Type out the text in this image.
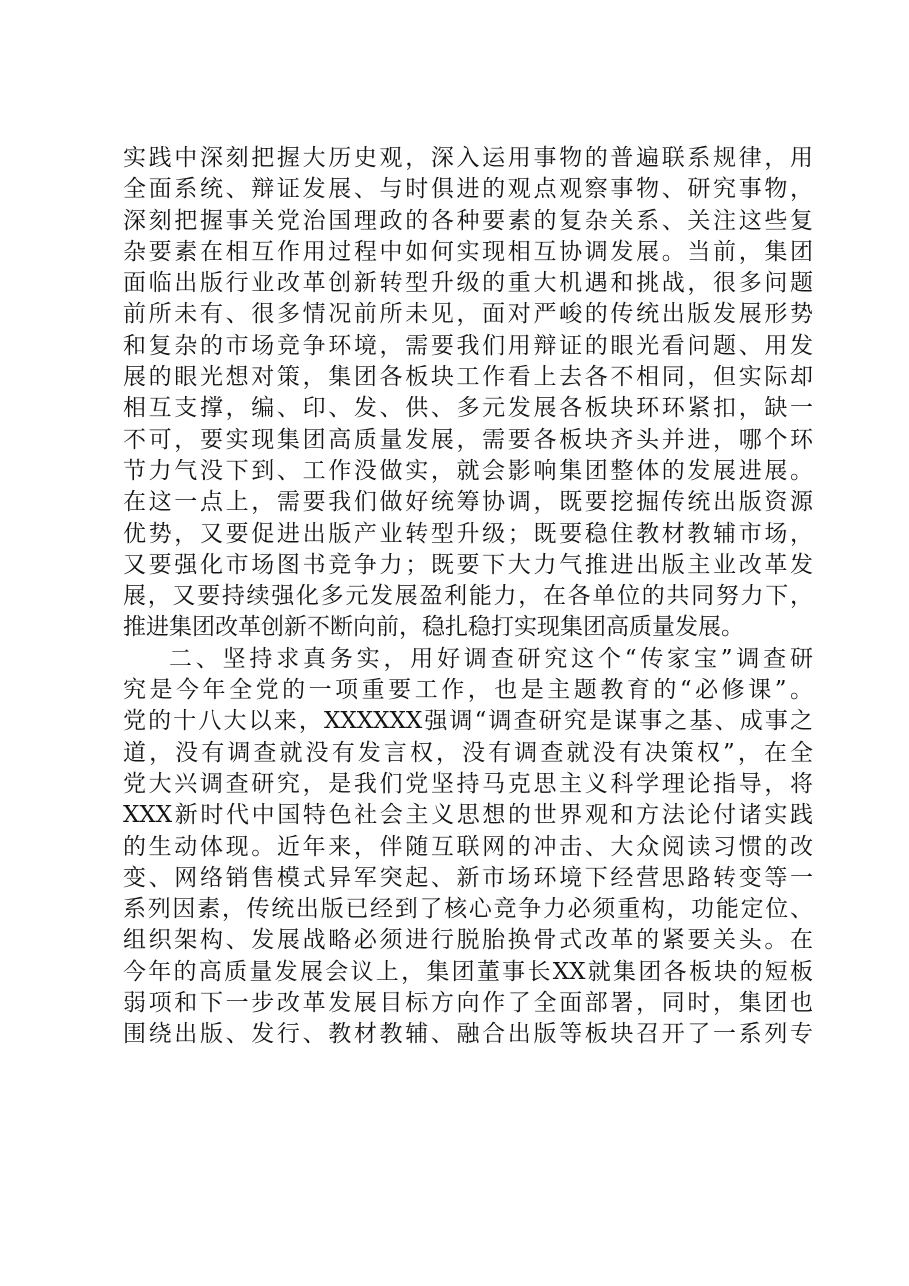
实践中深刻把握大历史观，深入运用事物的普遍联系规律，用
全面系统、辩证发展、与时俱进的观点观察事物、研究事物，
深刻把握事关党治国理政的各种要素的复杂关系、关注这些复
杂要素在相互作用过程中如何实现相互协调发展。当前，集团
面临出版行业改革创新转型升级的重大机遇和挑战，很多问题
前所未有、很多情况前所未见，面对严峻的传统出版发展形势
和复杂的市场竞争环境，需要我们用辩证的眼光看问题、用发
展的眼光想对策，集团各板块工作看上去各不相同，但实际却
相互支撑，编、印、发、供、多元发展各板块环环紧扣，缺一
不可，要实现集团高质量发展，需要各板块齐头并进，哪个环
节力气没下到、工作没做实，就会影响集团整体的发展进展。
在这一点上，需要我们做好统筹协调，既要挖掘传统出版资源
优势，又要促进出版产业转型升级；既要稳住教材教辅市场，
又要强化市场图书竞争力；既要下大力气推进出版主业改革发
展，又要持续强化多元发展盈利能力，在各单位的共同努力下，
推进集团改革创新不断向前，稳扎稳打实现集团高质量发展。
二、坚持求真务实，用好调查研究这个“传家宝”调查研
究是今年全党的一项重要工作，也是主题教育的“必修课”。
党的十八大以来，XXXXXX强调“调查研究是谋事之基、成事之
道，没有调查就没有发言权，没有调查就没有决策权”，在全
党大兴调查研究，是我们党坚持马克思主义科学理论指导，将
XXX新时代中国特色社会主义思想的世界观和方法论付诸实践
的生动体现。近年来，伴随互联网的冲击、大众阅读习惯的改
变、网络销售模式异军突起、新市场环境下经营思路转变等一
系列因素，传统出版已经到了核心竞争力必须重构，功能定位、
组织架构、发展战略必须进行脱胎换骨式改革的紧要关头。在
今年的高质量发展会议上，集团董事长XX就集团各板块的短板
弱项和下一步改革发展目标方向作了全面部署，同时，集团也
围绕出版、发行、教材教辅、融合出版等板块召开了一系列专
